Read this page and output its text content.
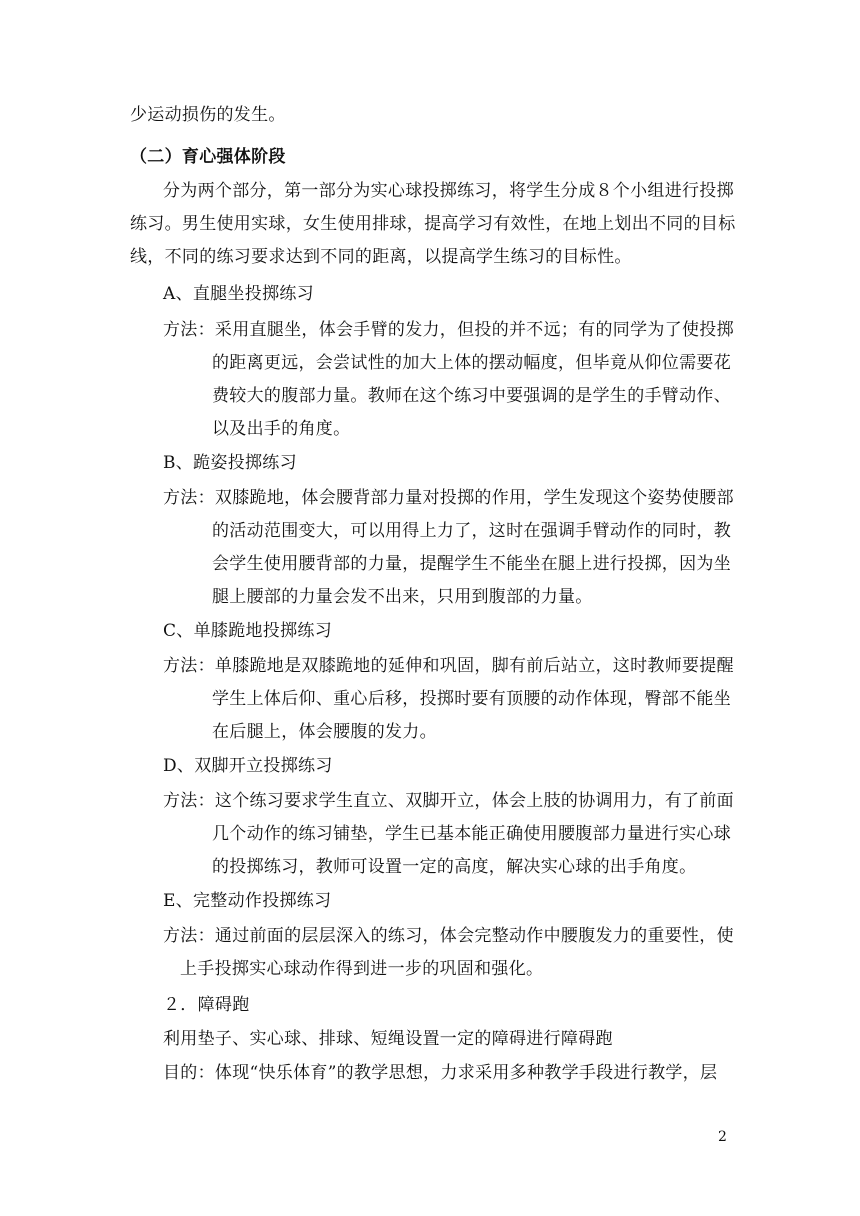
少运动损伤的发生。
（二）育心强体阶段
分为两个部分，第一部分为实心球投掷练习，将学生分成８个小组进行投掷
练习。男生使用实球，女生使用排球，提高学习有效性，在地上划出不同的目标
线，不同的练习要求达到不同的距离，以提高学生练习的目标性。
A、直腿坐投掷练习
方法：采用直腿坐，体会手臂的发力，但投的并不远；有的同学为了使投掷
的距离更远，会尝试性的加大上体的摆动幅度，但毕竟从仰位需要花
费较大的腹部力量。教师在这个练习中要强调的是学生的手臂动作、
以及出手的角度。
B、跪姿投掷练习
方法：双膝跪地，体会腰背部力量对投掷的作用，学生发现这个姿势使腰部
的活动范围变大，可以用得上力了，这时在强调手臂动作的同时，教
会学生使用腰背部的力量，提醒学生不能坐在腿上进行投掷，因为坐
腿上腰部的力量会发不出来，只用到腹部的力量。
C、单膝跪地投掷练习
方法：单膝跪地是双膝跪地的延伸和巩固，脚有前后站立，这时教师要提醒
学生上体后仰、重心后移，投掷时要有顶腰的动作体现，臀部不能坐
在后腿上，体会腰腹的发力。
D、双脚开立投掷练习
方法：这个练习要求学生直立、双脚开立，体会上肢的协调用力，有了前面
几个动作的练习铺垫，学生已基本能正确使用腰腹部力量进行实心球
的投掷练习，教师可设置一定的高度，解决实心球的出手角度。
E、完整动作投掷练习
方法：通过前面的层层深入的练习，体会完整动作中腰腹发力的重要性，使
上手投掷实心球动作得到进一步的巩固和强化。
２．障碍跑
利用垫子、实心球、排球、短绳设置一定的障碍进行障碍跑
目的：体现“快乐体育”的教学思想，力求采用多种教学手段进行教学，层
2
